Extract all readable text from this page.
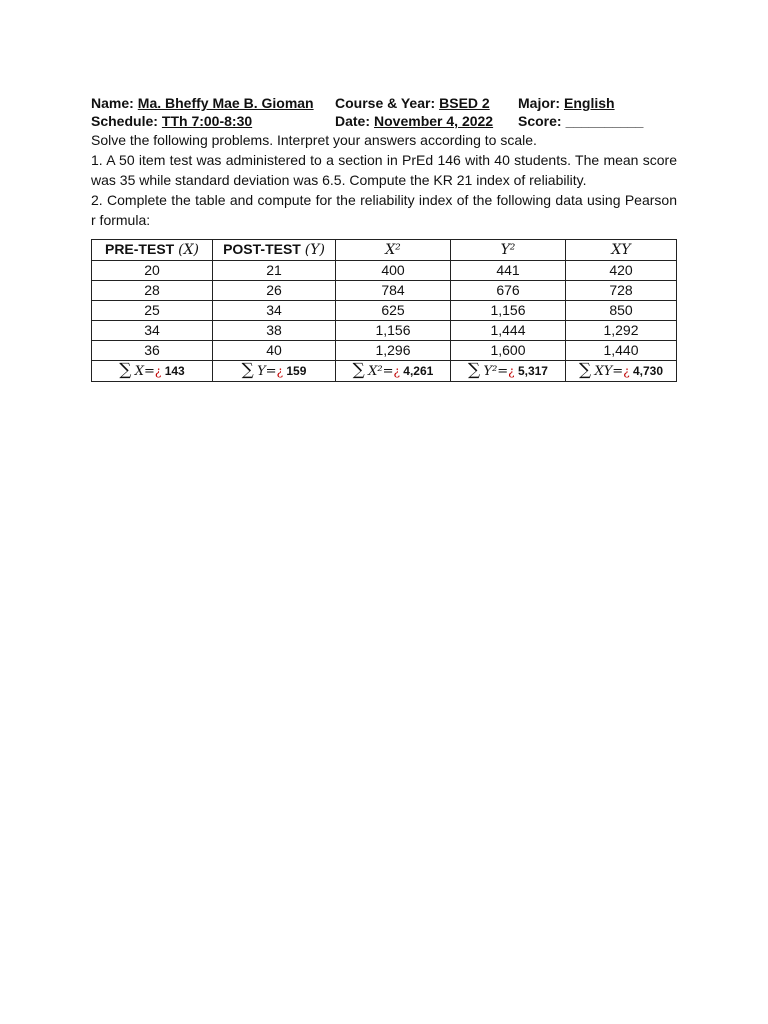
Name: Ma. Bheffy Mae B. Gioman	Course & Year: BSED 2	Major: English
Schedule: TTh 7:00-8:30	Date: November 4, 2022	Score: __________

Solve the following problems. Interpret your answers according to scale.

1. A 50 item test was administered to a section in PrEd 146 with 40 students. The mean score was 35 while standard deviation was 6.5. Compute the KR 21 index of reliability.

2. Complete the table and compute for the reliability index of the following data using Pearson r formula:

PRE-TEST (X)	POST-TEST (Y)	X²	Y²	XY
20	21	400	441	420
28	26	784	676	728
25	34	625	1,156	850
34	38	1,156	1,444	1,292
36	40	1,296	1,600	1,440
∑ X=¿ 143	∑ Y=¿ 159	∑ X²=¿ 4,261	∑ Y²=¿ 5,317	∑ XY=¿ 4,730
